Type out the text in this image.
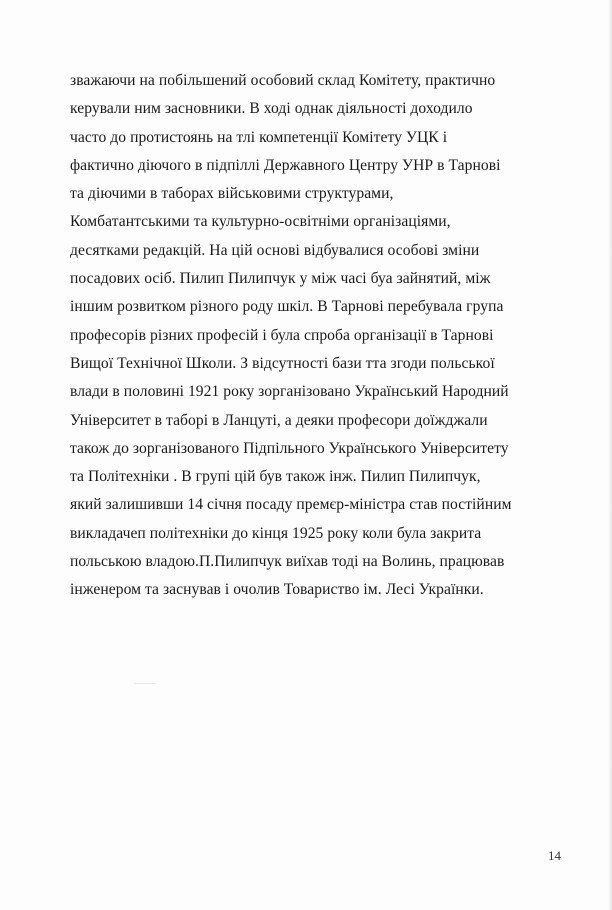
зважаючи на побільшений особовий склад Комітету, практично
керували ним засновники. В ході однак діяльності доходило
часто до протистоянь на тлі компетенції Комітету УЦК і
фактично діючого в підпіллі Державного Центру УНР в Тарнові
та діючими в таборах військовими структурами,
Комбатантськими та культурно-освітніми організаціями,
десятками редакцій. На цій основі відбувалися особові зміни
посадових осіб. Пилип Пилипчук у між часі буа зайнятий, між
іншим розвитком різного роду шкіл. В Тарнові перебувала група
професорів різних професій і була спроба організації в Тарнові
Вищої Технічної Школи. З відсутності бази тта згоди польської
влади в половині 1921 року зорганізовано Український Народний
Університет в таборі в Ланцуті, а деяки професори доїжджали
також до зорганізованого Підпільного Українського Університету
та Політехніки . В групі цій був також інж. Пилип Пилипчук,
який залишивши 14 січня посаду премєр-міністра став постійним
викладачеп політехніки до кінця 1925 року коли була закрита
польською владою.П.Пилипчук виїхав тоді на Волинь, працював
інженером та заснував і очолив Товариство ім. Лесі Українки.
14
